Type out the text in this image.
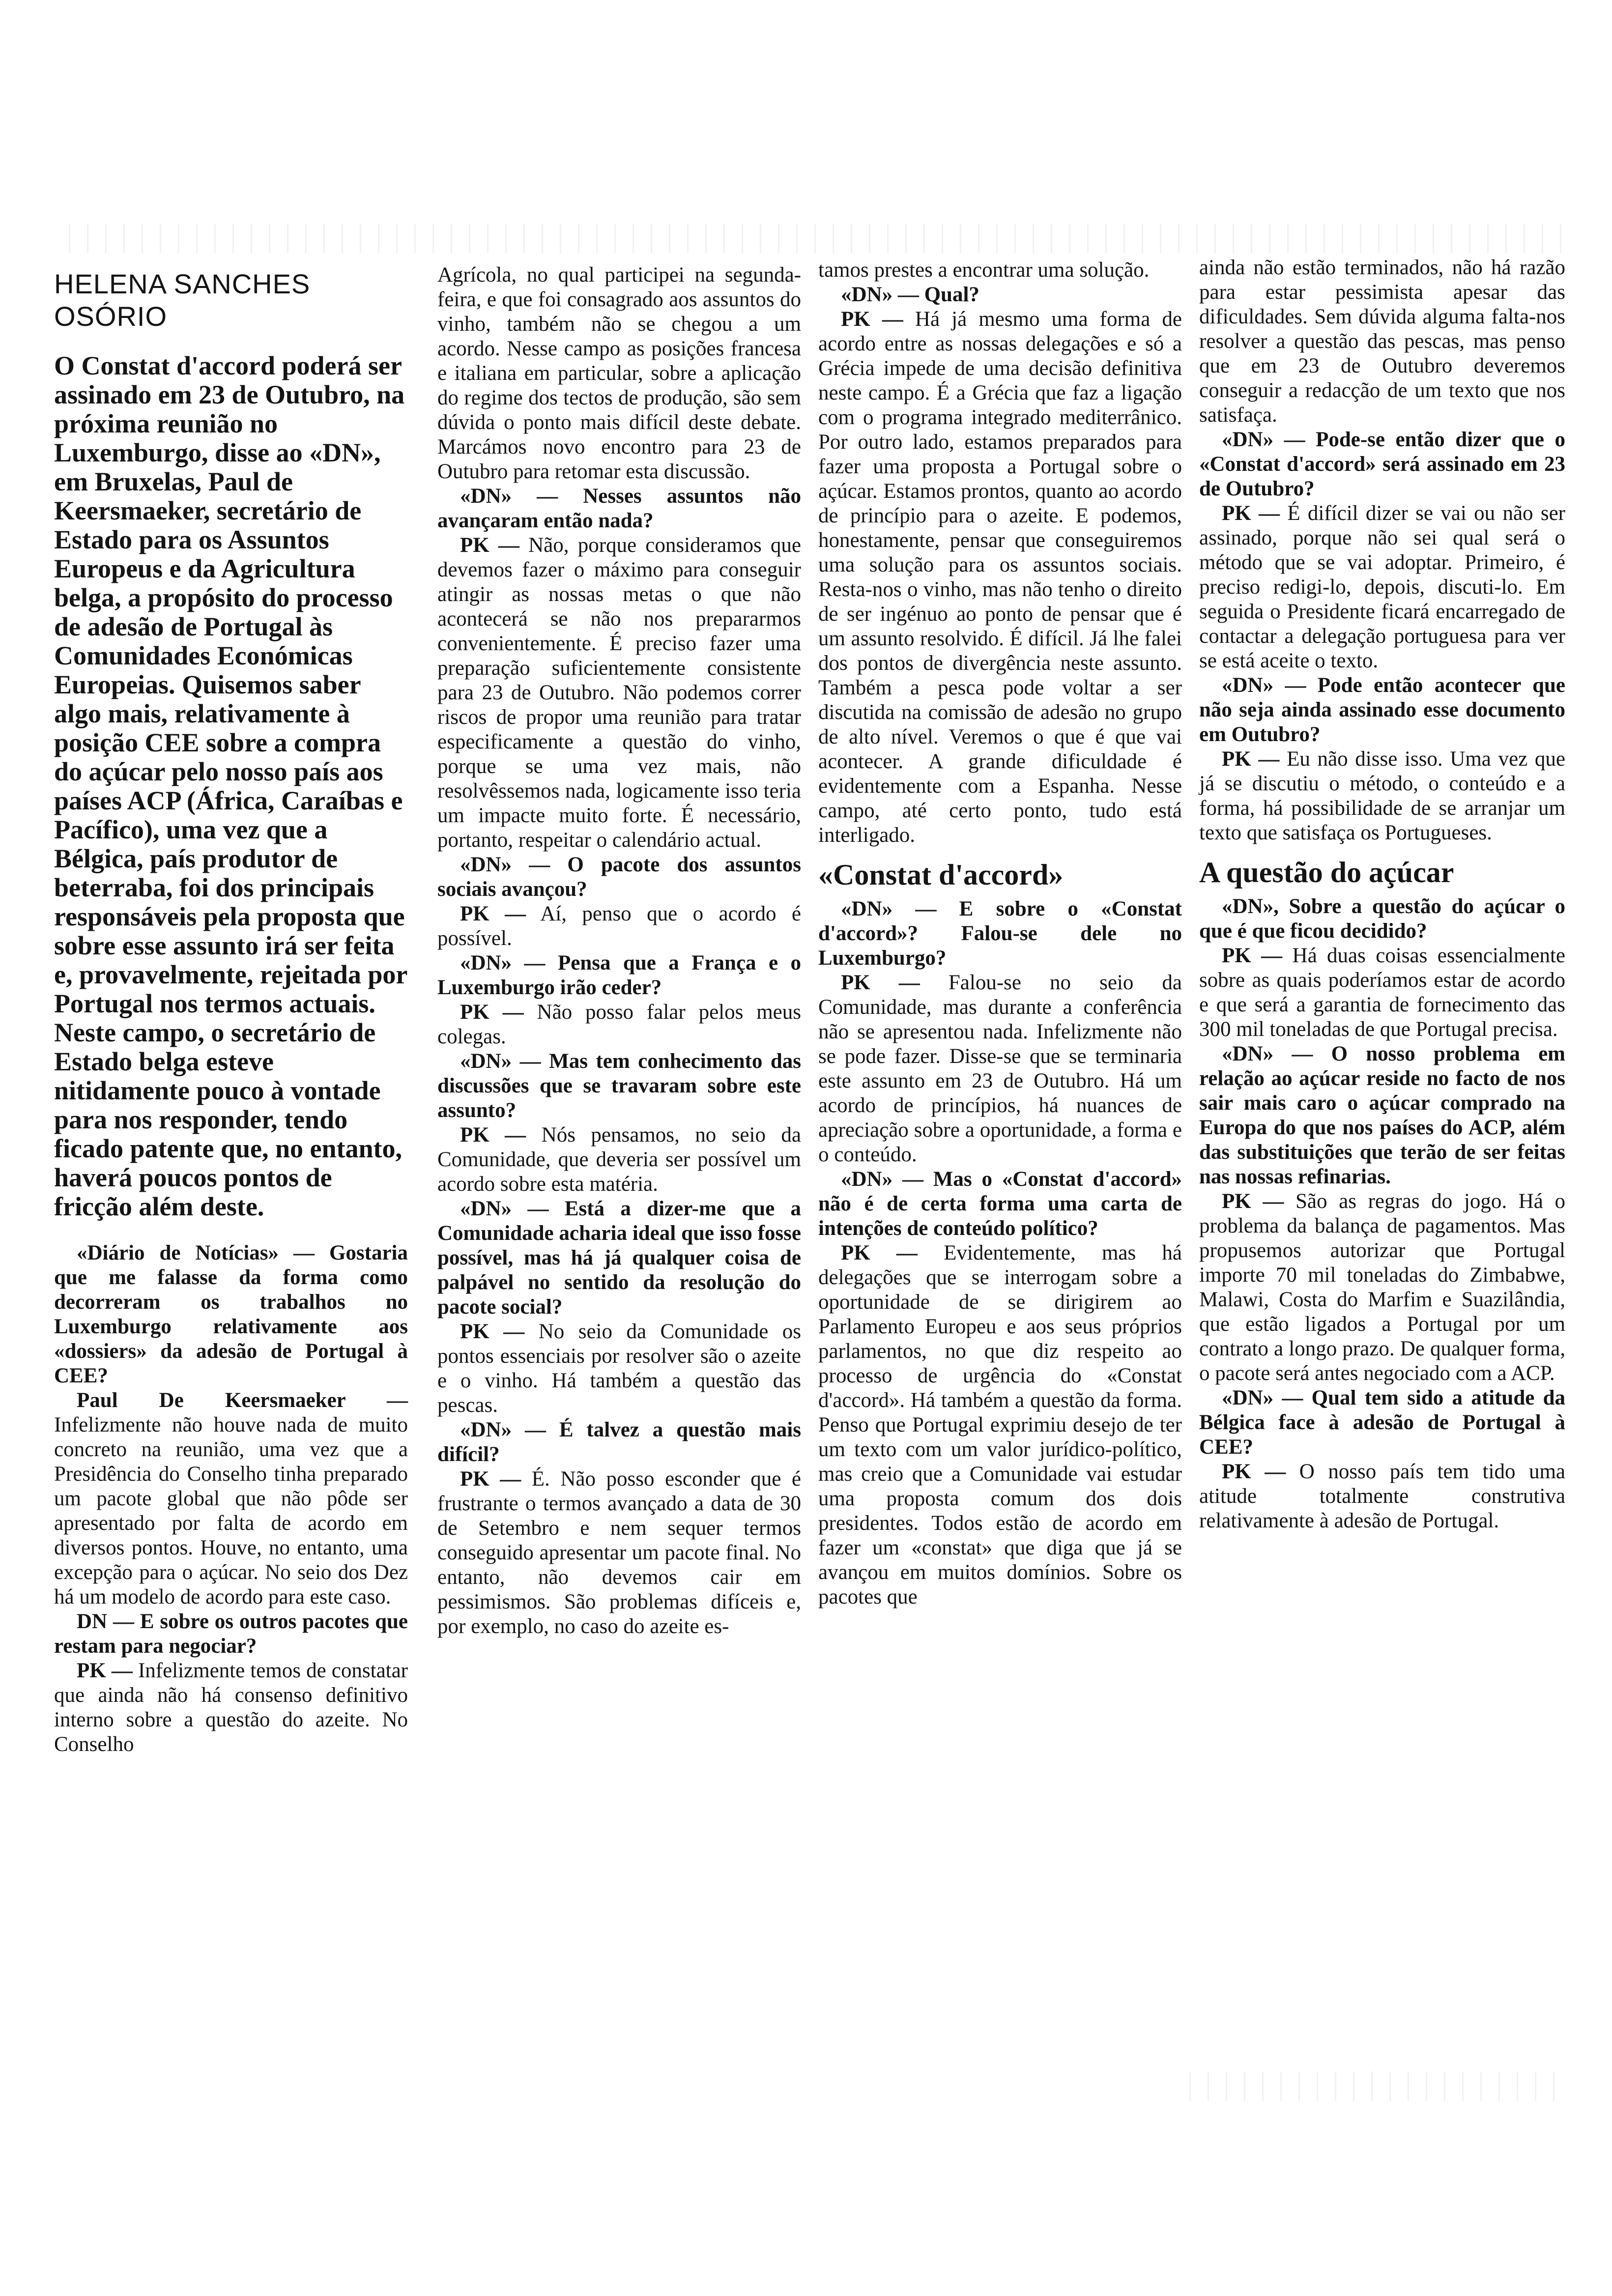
HELENA SANCHES OSÓRIO
O Constat d'accord poderá ser assinado em 23 de Outubro, na próxima reunião no Luxemburgo, disse ao «DN», em Bruxelas, Paul de Keersmaeker, secretário de Estado para os Assuntos Europeus e da Agricultura belga, a propósito do processo de adesão de Portugal às Comunidades Económicas Europeias. Quisemos saber algo mais, relativamente à posição CEE sobre a compra do açúcar pelo nosso país aos países ACP (África, Caraíbas e Pacífico), uma vez que a Bélgica, país produtor de beterraba, foi dos principais responsáveis pela proposta que sobre esse assunto irá ser feita e, provavelmente, rejeitada por Portugal nos termos actuais. Neste campo, o secretário de Estado belga esteve nitidamente pouco à vontade para nos responder, tendo ficado patente que, no entanto, haverá poucos pontos de fricção além deste.

«Diário de Notícias» — Gostaria que me falasse da forma como decorreram os trabalhos no Luxemburgo relativamente aos «dossiers» da adesão de Portugal à CEE?

Paul De Keersmaeker — Infelizmente não houve nada de muito concreto na reunião, uma vez que a Presidência do Conselho tinha preparado um pacote global que não pôde ser apresentado por falta de acordo em diversos pontos. Houve, no entanto, uma excepção para o açúcar. No seio dos Dez há um modelo de acordo para este caso.

DN — E sobre os outros pacotes que restam para negociar?

PK — Infelizmente temos de constatar que ainda não há consenso definitivo interno sobre a questão do azeite. No Conselho

Agrícola, no qual participei na segunda-feira, e que foi consagrado aos assuntos do vinho, também não se chegou a um acordo. Nesse campo as posições francesa e italiana em particular, sobre a aplicação do regime dos tectos de produção, são sem dúvida o ponto mais difícil deste debate. Marcámos novo encontro para 23 de Outubro para retomar esta discussão.

«DN» — Nesses assuntos não avançaram então nada?

PK — Não, porque consideramos que devemos fazer o máximo para conseguir atingir as nossas metas o que não acontecerá se não nos prepararmos convenientemente. É preciso fazer uma preparação suficientemente consistente para 23 de Outubro. Não podemos correr riscos de propor uma reunião para tratar especificamente a questão do vinho, porque se uma vez mais, não resolvêssemos nada, logicamente isso teria um impacte muito forte. É necessário, portanto, respeitar o calendário actual.

«DN» — O pacote dos assuntos sociais avançou?

PK — Aí, penso que o acordo é possível.

«DN» — Pensa que a França e o Luxemburgo irão ceder?

PK — Não posso falar pelos meus colegas.

«DN» — Mas tem conhecimento das discussões que se travaram sobre este assunto?

PK — Nós pensamos, no seio da Comunidade, que deveria ser possível um acordo sobre esta matéria.

«DN» — Está a dizer-me que a Comunidade acharia ideal que isso fosse possível, mas há já qualquer coisa de palpável no sentido da resolução do pacote social?

PK — No seio da Comunidade os pontos essenciais por resolver são o azeite e o vinho. Há também a questão das pescas.

«DN» — É talvez a questão mais difícil?

PK — É. Não posso esconder que é frustrante o termos avançado a data de 30 de Setembro e nem sequer termos conseguido apresentar um pacote final. No entanto, não devemos cair em pessimismos. São problemas difíceis e, por exemplo, no caso do azeite es-

tamos prestes a encontrar uma solução.

«DN» — Qual?

PK — Há já mesmo uma forma de acordo entre as nossas delegações e só a Grécia impede de uma decisão definitiva neste campo. É a Grécia que faz a ligação com o programa integrado mediterrânico. Por outro lado, estamos preparados para fazer uma proposta a Portugal sobre o açúcar. Estamos prontos, quanto ao acordo de princípio para o azeite. E podemos, honestamente, pensar que conseguiremos uma solução para os assuntos sociais. Resta-nos o vinho, mas não tenho o direito de ser ingénuo ao ponto de pensar que é um assunto resolvido. É difícil. Já lhe falei dos pontos de divergência neste assunto. Também a pesca pode voltar a ser discutida na comissão de adesão no grupo de alto nível. Veremos o que é que vai acontecer. A grande dificuldade é evidentemente com a Espanha. Nesse campo, até certo ponto, tudo está interligado.

«Constat d'accord»

«DN» — E sobre o «Constat d'accord»? Falou-se dele no Luxemburgo?

PK — Falou-se no seio da Comunidade, mas durante a conferência não se apresentou nada. Infelizmente não se pode fazer. Disse-se que se terminaria este assunto em 23 de Outubro. Há um acordo de princípios, há nuances de apreciação sobre a oportunidade, a forma e o conteúdo.

«DN» — Mas o «Constat d'accord» não é de certa forma uma carta de intenções de conteúdo político?

PK — Evidentemente, mas há delegações que se interrogam sobre a oportunidade de se dirigirem ao Parlamento Europeu e aos seus próprios parlamentos, no que diz respeito ao processo de urgência do «Constat d'accord». Há também a questão da forma. Penso que Portugal exprimiu desejo de ter um texto com um valor jurídico-político, mas creio que a Comunidade vai estudar uma proposta comum dos dois presidentes. Todos estão de acordo em fazer um «constat» que diga que já se avançou em muitos domínios. Sobre os pacotes que

ainda não estão terminados, não há razão para estar pessimista apesar das dificuldades. Sem dúvida alguma falta-nos resolver a questão das pescas, mas penso que em 23 de Outubro deveremos conseguir a redacção de um texto que nos satisfaça.

«DN» — Pode-se então dizer que o «Constat d'accord» será assinado em 23 de Outubro?

PK — É difícil dizer se vai ou não ser assinado, porque não sei qual será o método que se vai adoptar. Primeiro, é preciso redigi-lo, depois, discuti-lo. Em seguida o Presidente ficará encarregado de contactar a delegação portuguesa para ver se está aceite o texto.

«DN» — Pode então acontecer que não seja ainda assinado esse documento em Outubro?

PK — Eu não disse isso. Uma vez que já se discutiu o método, o conteúdo e a forma, há possibilidade de se arranjar um texto que satisfaça os Portugueses.

A questão do açúcar

«DN», Sobre a questão do açúcar o que é que ficou decidido?

PK — Há duas coisas essencialmente sobre as quais poderíamos estar de acordo e que será a garantia de fornecimento das 300 mil toneladas de que Portugal precisa.

«DN» — O nosso problema em relação ao açúcar reside no facto de nos sair mais caro o açúcar comprado na Europa do que nos países do ACP, além das substituições que terão de ser feitas nas nossas refinarias.

PK — São as regras do jogo. Há o problema da balança de pagamentos. Mas propusemos autorizar que Portugal importe 70 mil toneladas do Zimbabwe, Malawi, Costa do Marfim e Suazilândia, que estão ligados a Portugal por um contrato a longo prazo. De qualquer forma, o pacote será antes negociado com a ACP.

«DN» — Qual tem sido a atitude da Bélgica face à adesão de Portugal à CEE?

PK — O nosso país tem tido uma atitude totalmente construtiva relativamente à adesão de Portugal.
